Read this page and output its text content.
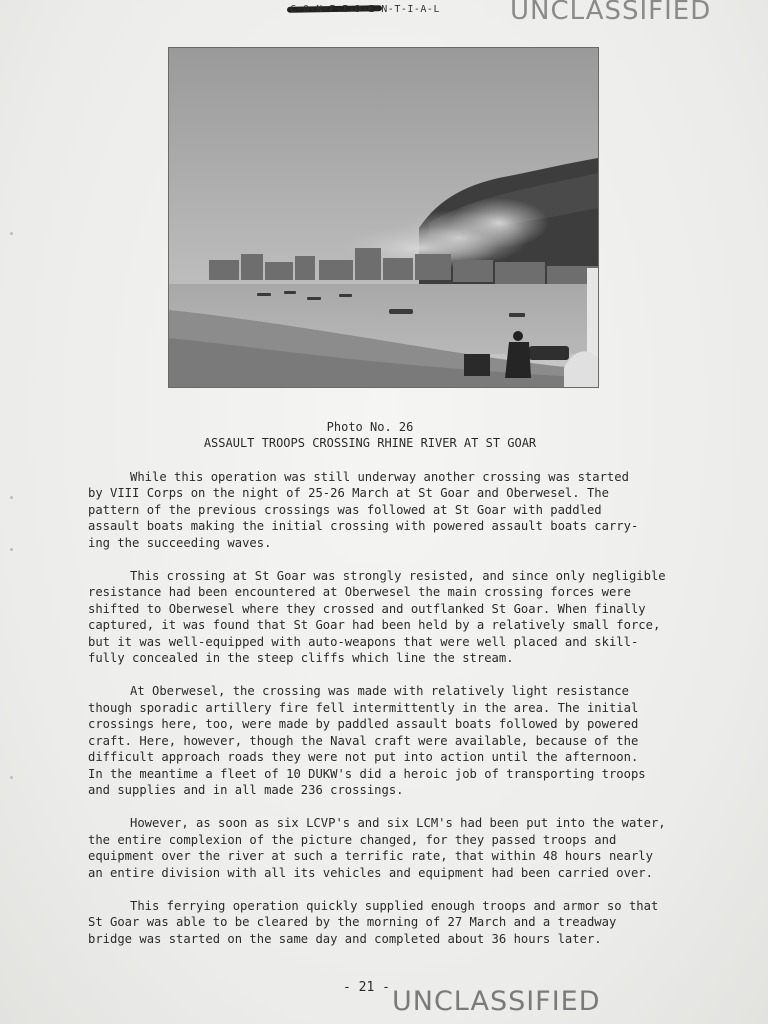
C-O-N-F-I-D-E-N-T-I-A-L	UNCLASSIFIED
Photo No. 26
ASSAULT TROOPS CROSSING RHINE RIVER AT ST GOAR

While this operation was still underway another crossing was started
by VIII Corps on the night of 25-26 March at St Goar and Oberwesel. The
pattern of the previous crossings was followed at St Goar with paddled
assault boats making the initial crossing with powered assault boats carry-
ing the succeeding waves.

This crossing at St Goar was strongly resisted, and since only negligible
resistance had been encountered at Oberwesel the main crossing forces were
shifted to Oberwesel where they crossed and outflanked St Goar. When finally
captured, it was found that St Goar had been held by a relatively small force,
but it was well-equipped with auto-weapons that were well placed and skill-
fully concealed in the steep cliffs which line the stream.

At Oberwesel, the crossing was made with relatively light resistance
though sporadic artillery fire fell intermittently in the area. The initial
crossings here, too, were made by paddled assault boats followed by powered
craft. Here, however, though the Naval craft were available, because of the
difficult approach roads they were not put into action until the afternoon.
In the meantime a fleet of 10 DUKW's did a heroic job of transporting troops
and supplies and in all made 236 crossings.

However, as soon as six LCVP's and six LCM's had been put into the water,
the entire complexion of the picture changed, for they passed troops and
equipment over the river at such a terrific rate, that within 48 hours nearly
an entire division with all its vehicles and equipment had been carried over.

This ferrying operation quickly supplied enough troops and armor so that
St Goar was able to be cleared by the morning of 27 March and a treadway
bridge was started on the same day and completed about 36 hours later.

- 21 - UNCLASSIFIED
